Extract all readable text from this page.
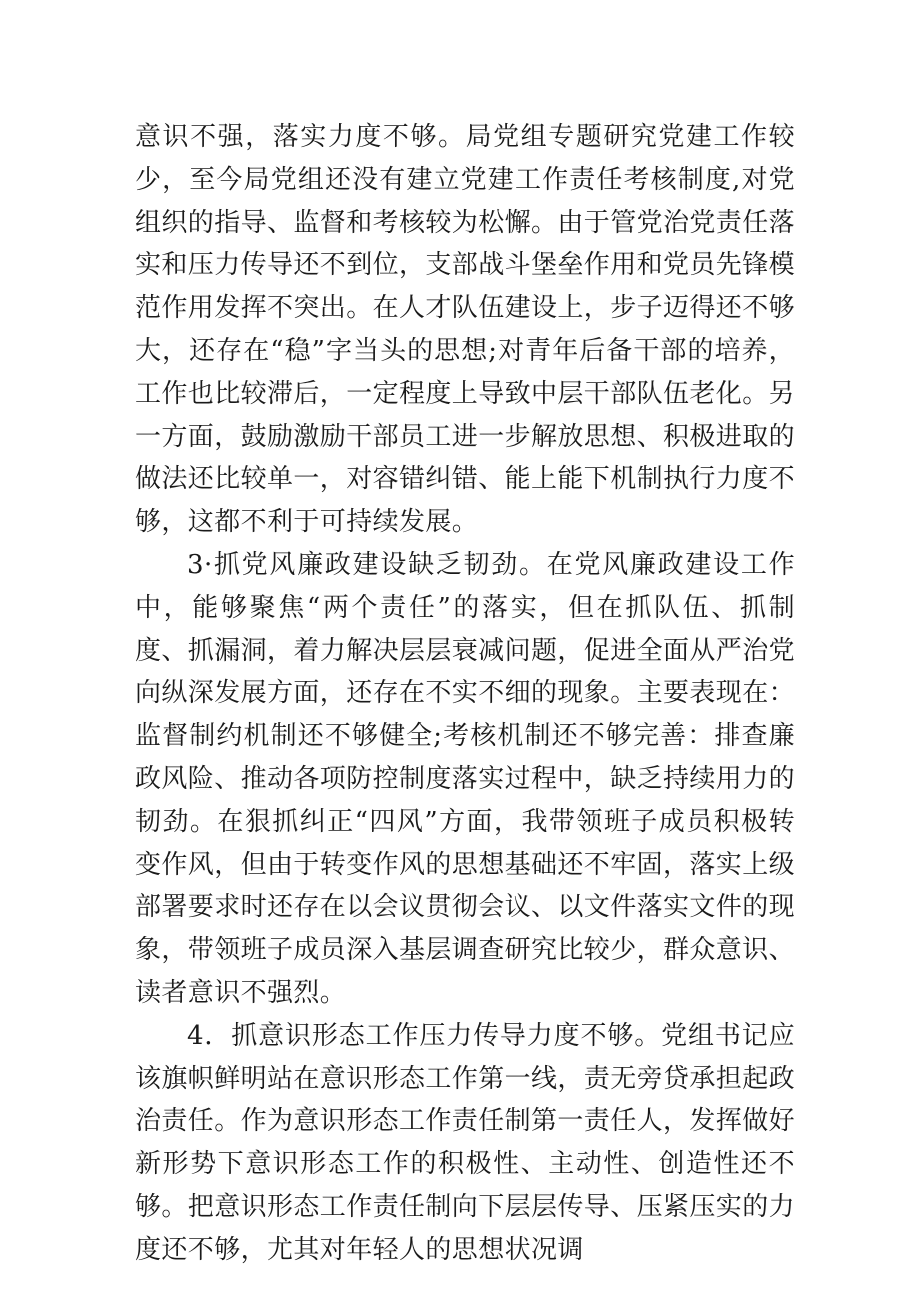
意识不强，落实力度不够。局党组专题研究党建工作较少，至今局党组还没有建立党建工作责任考核制度,对党组织的指导、监督和考核较为松懈。由于管党治党责任落实和压力传导还不到位，支部战斗堡垒作用和党员先锋模范作用发挥不突出。在人才队伍建设上，步子迈得还不够大，还存在“稳”字当头的思想;对青年后备干部的培养，工作也比较滞后，一定程度上导致中层干部队伍老化。另一方面，鼓励激励干部员工进一步解放思想、积极进取的做法还比较单一，对容错纠错、能上能下机制执行力度不够，这都不利于可持续发展。

3·抓党风廉政建设缺乏韧劲。在党风廉政建设工作中，能够聚焦“两个责任”的落实，但在抓队伍、抓制度、抓漏洞，着力解决层层衰减问题，促进全面从严治党向纵深发展方面，还存在不实不细的现象。主要表现在：监督制约机制还不够健全;考核机制还不够完善：排查廉政风险、推动各项防控制度落实过程中，缺乏持续用力的韧劲。在狠抓纠正“四风”方面，我带领班子成员积极转变作风，但由于转变作风的思想基础还不牢固，落实上级部署要求时还存在以会议贯彻会议、以文件落实文件的现象，带领班子成员深入基层调查研究比较少，群众意识、读者意识不强烈。

4．抓意识形态工作压力传导力度不够。党组书记应该旗帜鲜明站在意识形态工作第一线，责无旁贷承担起政治责任。作为意识形态工作责任制第一责任人，发挥做好新形势下意识形态工作的积极性、主动性、创造性还不够。把意识形态工作责任制向下层层传导、压紧压实的力度还不够，尤其对年轻人的思想状况调
